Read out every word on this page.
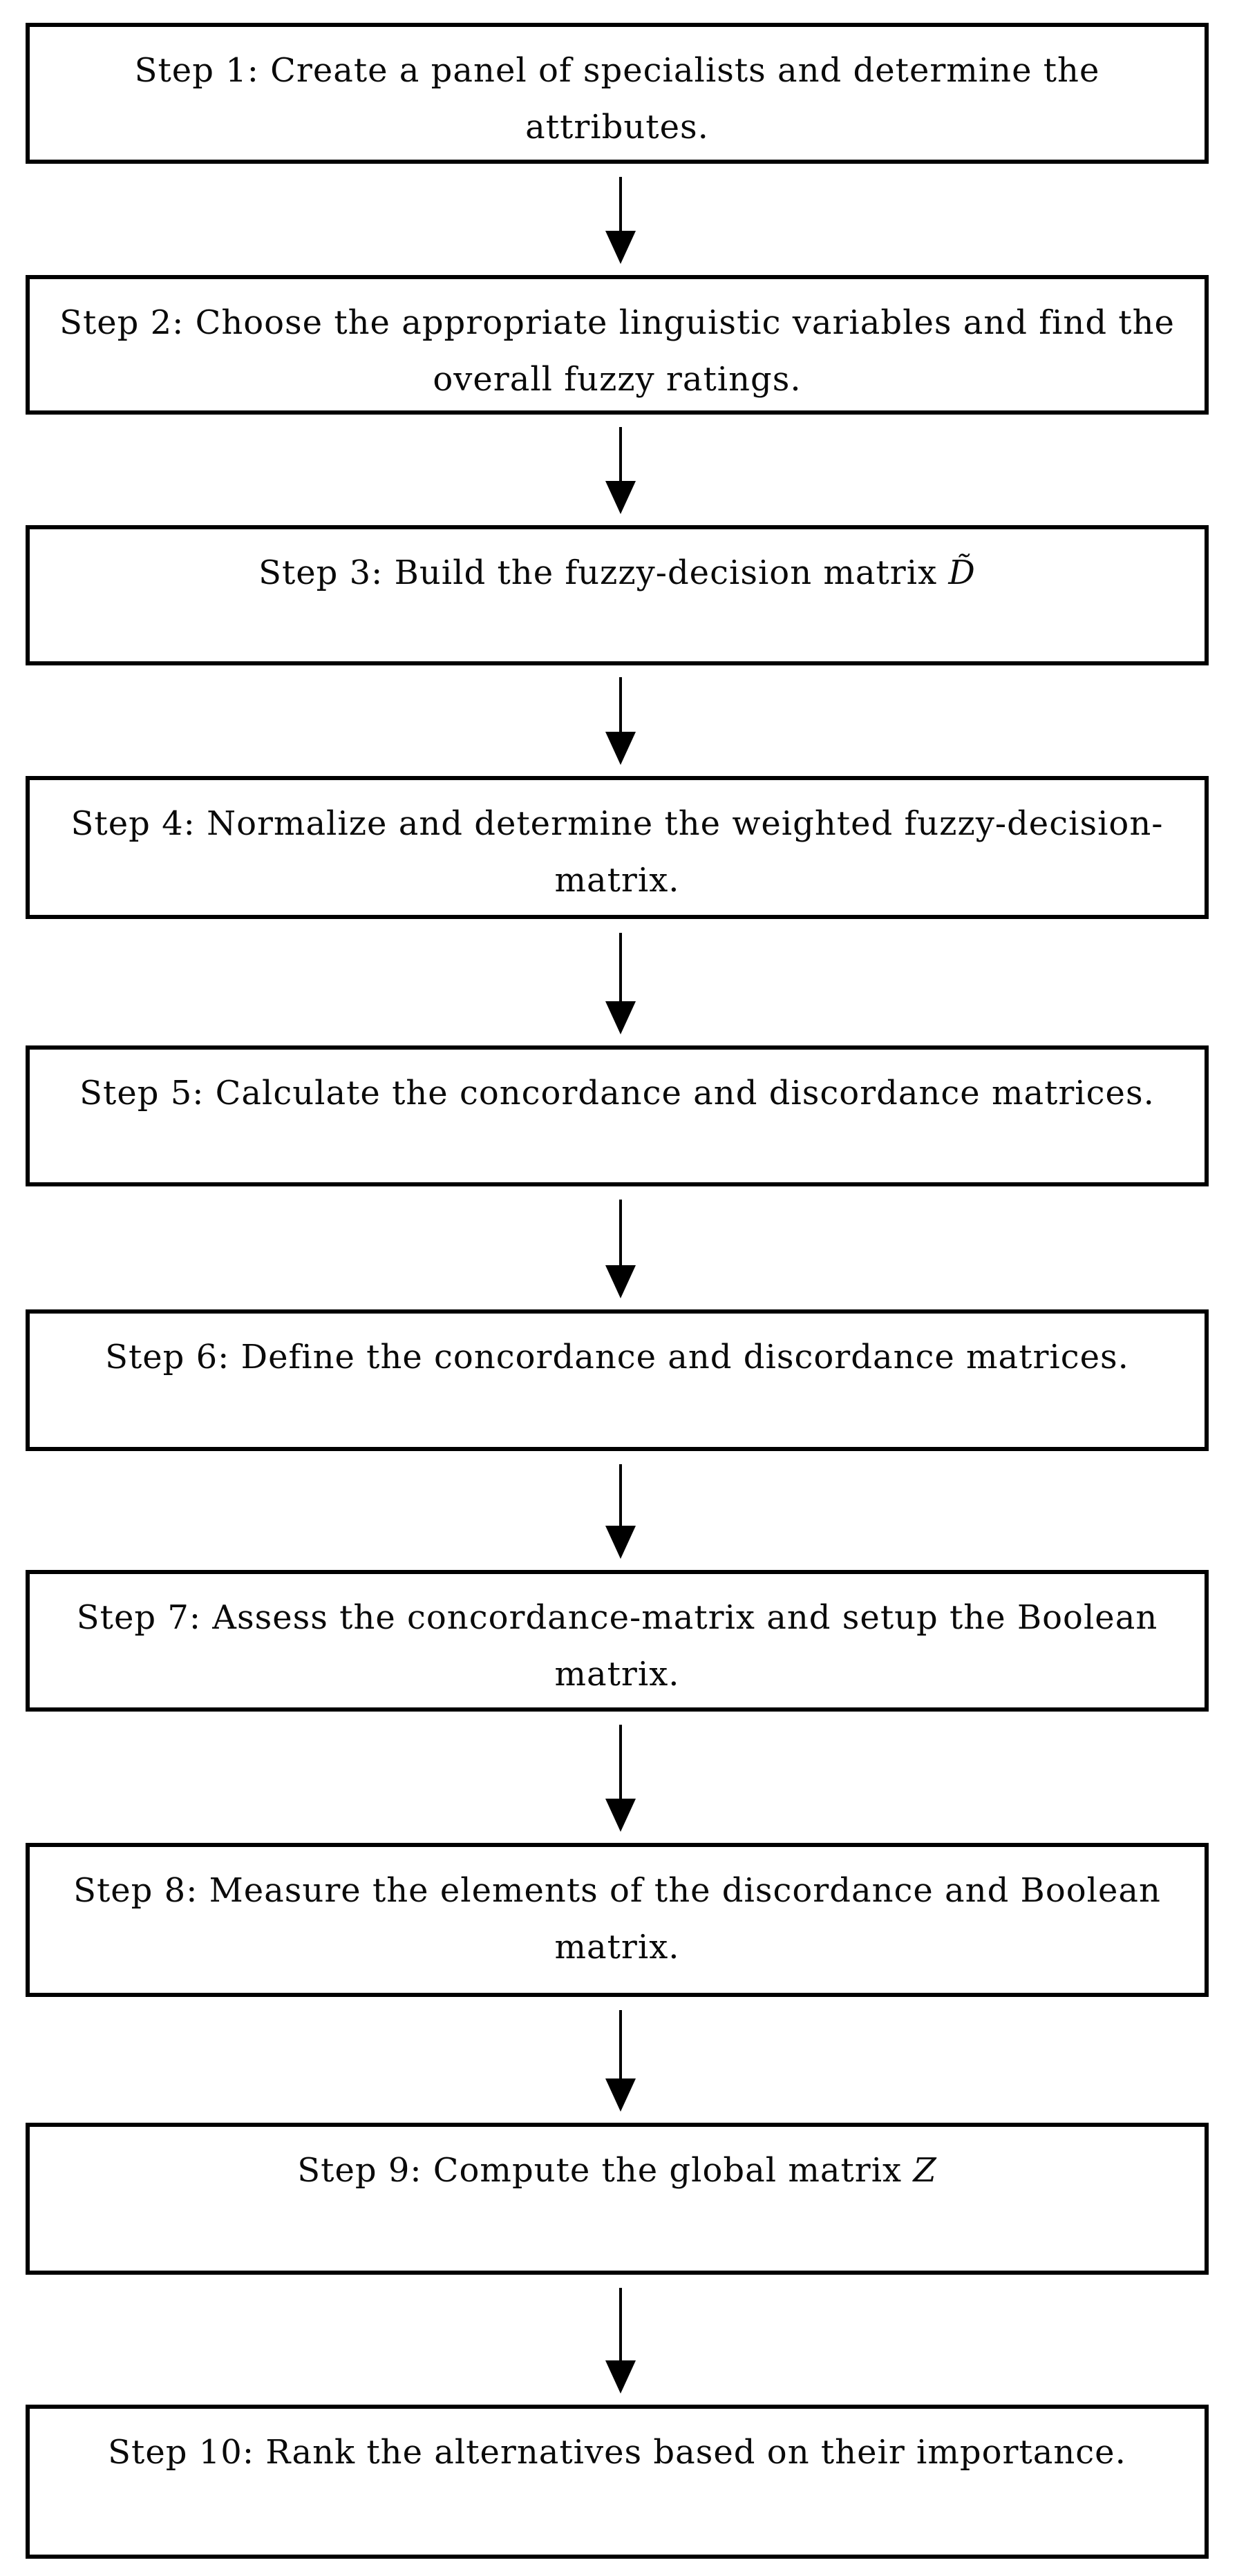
Step 1: Create a panel of specialists and determine the
attributes.
Step 2: Choose the appropriate linguistic variables and find the
overall fuzzy ratings.
Step 3: Build the fuzzy-decision matrix D̃
Step 4: Normalize and determine the weighted fuzzy-decision-
matrix.
Step 5: Calculate the concordance and discordance matrices.
Step 6: Define the concordance and discordance matrices.
Step 7: Assess the concordance-matrix and setup the Boolean
matrix.
Step 8: Measure the elements of the discordance and Boolean
matrix.
Step 9: Compute the global matrix Z
Step 10: Rank the alternatives based on their importance.
